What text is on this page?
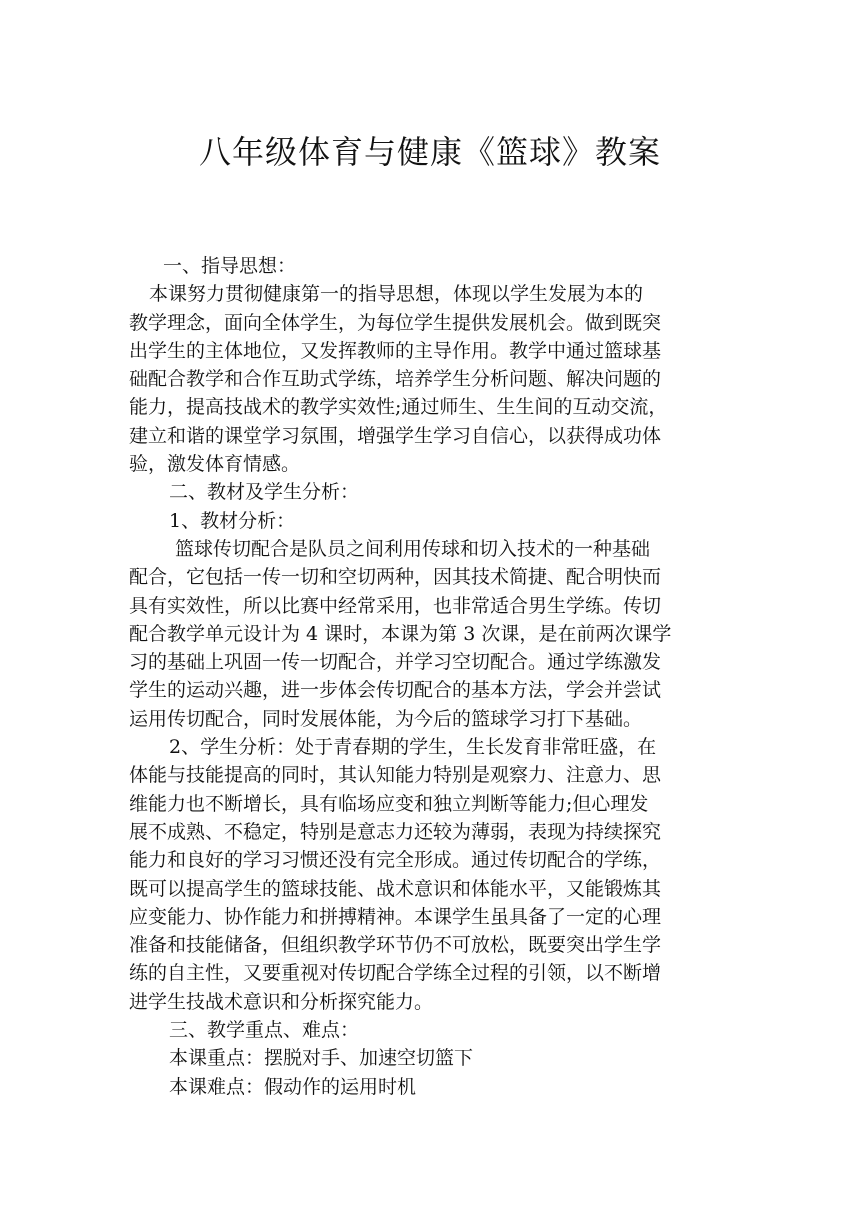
八年级体育与健康《篮球》教案
一、指导思想：
本课努力贯彻健康第一的指导思想，体现以学生发展为本的
教学理念，面向全体学生，为每位学生提供发展机会。做到既突
出学生的主体地位，又发挥教师的主导作用。教学中通过篮球基
础配合教学和合作互助式学练，培养学生分析问题、解决问题的
能力，提高技战术的教学实效性;通过师生、生生间的互动交流，
建立和谐的课堂学习氛围，增强学生学习自信心，以获得成功体
验，激发体育情感。
二、教材及学生分析：
1、教材分析：
篮球传切配合是队员之间利用传球和切入技术的一种基础
配合，它包括一传一切和空切两种，因其技术简捷、配合明快而
具有实效性，所以比赛中经常采用，也非常适合男生学练。传切
配合教学单元设计为 4 课时，本课为第 3 次课，是在前两次课学
习的基础上巩固一传一切配合，并学习空切配合。通过学练激发
学生的运动兴趣，进一步体会传切配合的基本方法，学会并尝试
运用传切配合，同时发展体能，为今后的篮球学习打下基础。
2、学生分析：处于青春期的学生，生长发育非常旺盛，在
体能与技能提高的同时，其认知能力特别是观察力、注意力、思
维能力也不断增长，具有临场应变和独立判断等能力;但心理发
展不成熟、不稳定，特别是意志力还较为薄弱，表现为持续探究
能力和良好的学习习惯还没有完全形成。通过传切配合的学练，
既可以提高学生的篮球技能、战术意识和体能水平，又能锻炼其
应变能力、协作能力和拼搏精神。本课学生虽具备了一定的心理
准备和技能储备，但组织教学环节仍不可放松，既要突出学生学
练的自主性，又要重视对传切配合学练全过程的引领，以不断增
进学生技战术意识和分析探究能力。
三、教学重点、难点：
本课重点：摆脱对手、加速空切篮下
本课难点：假动作的运用时机
